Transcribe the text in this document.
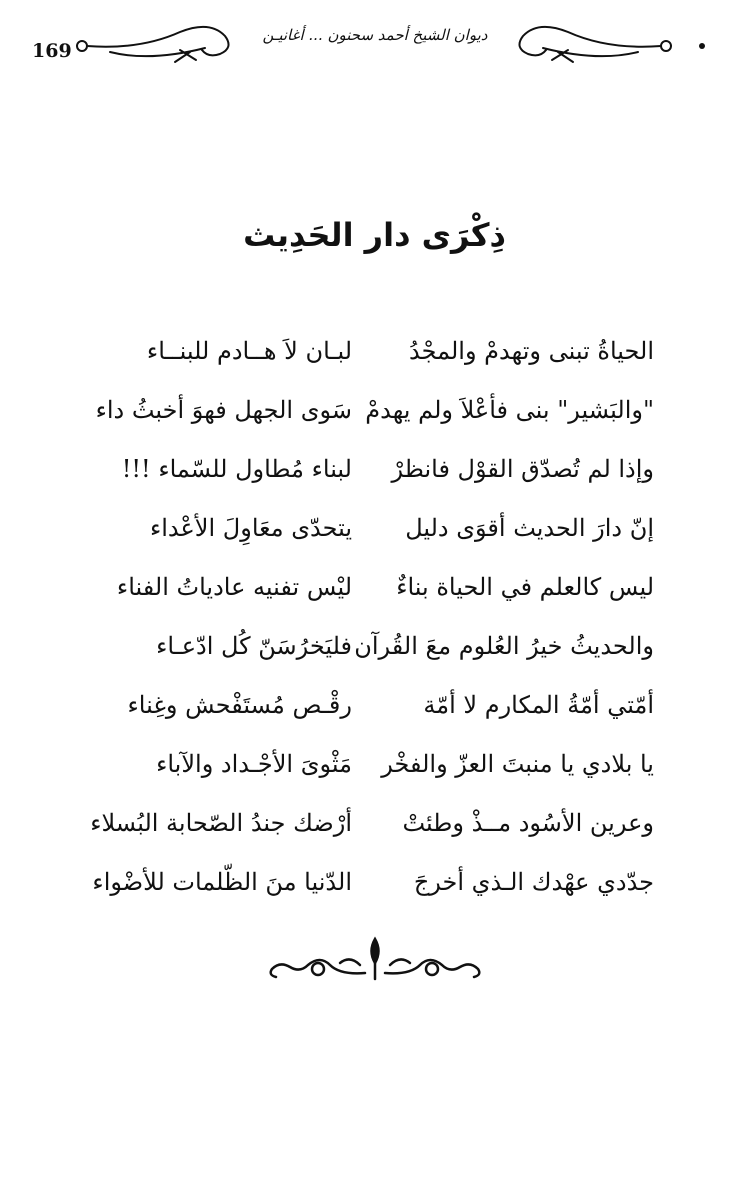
169
ديوان الشيخ أحمد سحنون ... أغانيـن
ذِكْرَى دار الحَدِيث
الحياةُ تبنى وتهدمْ والمجْدُ
لبـان لاَ هــادم للبنــاء
"والبَشير" بنى فأعْلاَ ولم يهدمْ
سَوى الجهل فهوَ أخبثُ داء
وإذا لم تُصدّق القوْل فانظرْ
لبناء مُطاول للسّماء !!!
إنّ دارَ الحديث أقوَى دليل
يتحدّى معَاوِلَ الأعْداء
ليس كالعلم في الحياة بناءٌ
ليْس تفنيه عادياتُ الفناء
والحديثُ خيرُ العُلوم معَ القُرآن
فليَخرُسَنّ كُل ادّعـاء
أمّتي أمّةُ المكارم لا أمّة
رقْـص مُستَفْحش وغِناء
يا بلادي يا منبتَ العزّ والفخْر
مَثْوىَ الأجْـداد والآباء
وعرين الأسُود مــذْ وطئتْ
أرْضك جندُ الصّحابة البُسلاء
جدّدي عهْدك الـذي أخرجَ
الدّنيا منَ الظّلمات للأضْواء
